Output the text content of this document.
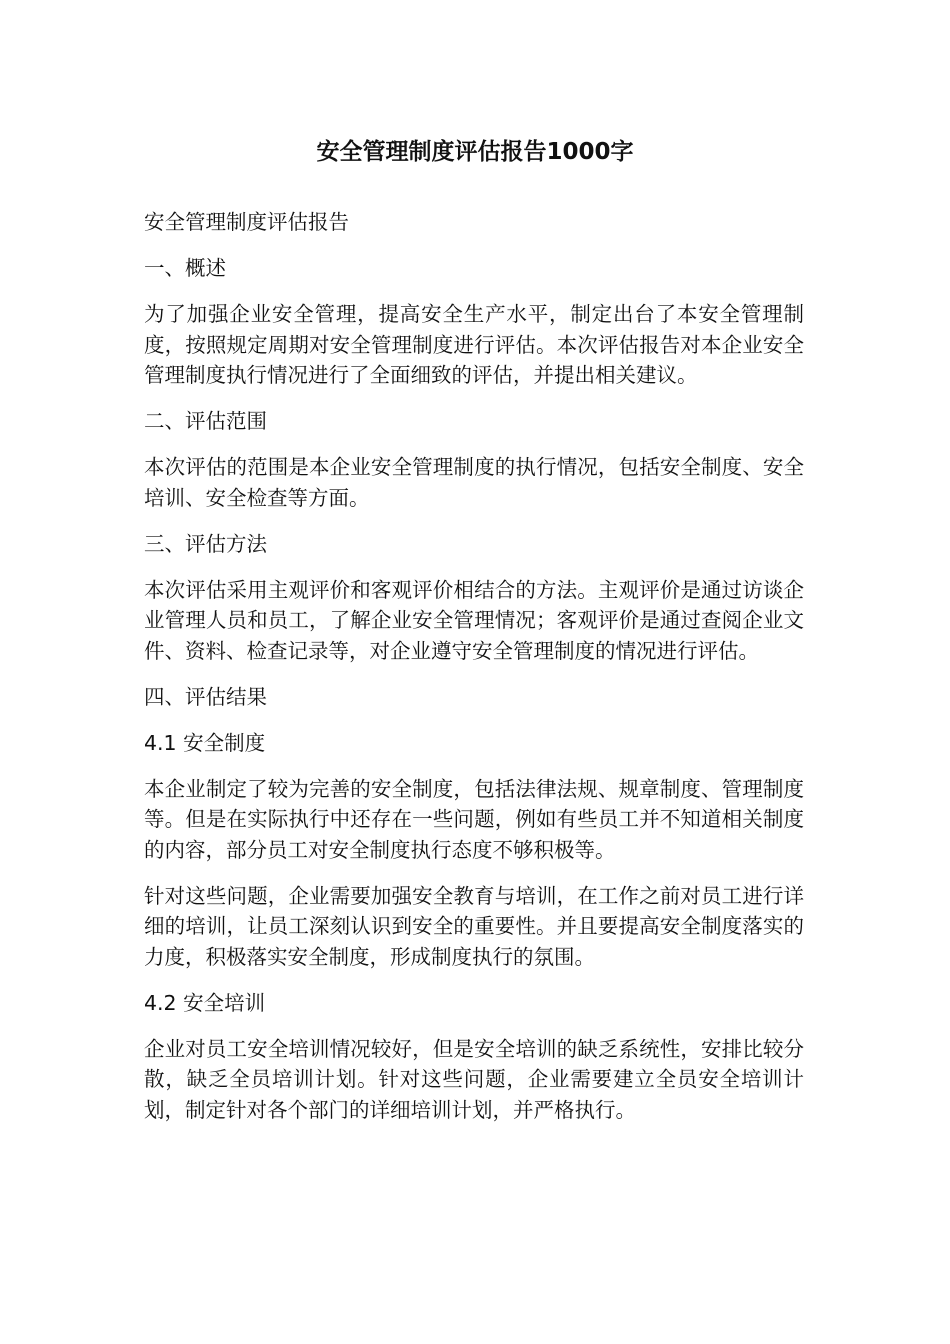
安全管理制度评估报告1000字

安全管理制度评估报告

一、概述

为了加强企业安全管理，提高安全生产水平，制定出台了本安全管理制度，按照规定周期对安全管理制度进行评估。本次评估报告对本企业安全管理制度执行情况进行了全面细致的评估，并提出相关建议。

二、评估范围

本次评估的范围是本企业安全管理制度的执行情况，包括安全制度、安全培训、安全检查等方面。

三、评估方法

本次评估采用主观评价和客观评价相结合的方法。主观评价是通过访谈企业管理人员和员工，了解企业安全管理情况；客观评价是通过查阅企业文件、资料、检查记录等，对企业遵守安全管理制度的情况进行评估。

四、评估结果

4.1 安全制度

本企业制定了较为完善的安全制度，包括法律法规、规章制度、管理制度等。但是在实际执行中还存在一些问题，例如有些员工并不知道相关制度的内容，部分员工对安全制度执行态度不够积极等。

针对这些问题，企业需要加强安全教育与培训，在工作之前对员工进行详细的培训，让员工深刻认识到安全的重要性。并且要提高安全制度落实的力度，积极落实安全制度，形成制度执行的氛围。

4.2 安全培训

企业对员工安全培训情况较好，但是安全培训的缺乏系统性，安排比较分散，缺乏全员培训计划。针对这些问题，企业需要建立全员安全培训计划，制定针对各个部门的详细培训计划，并严格执行。
